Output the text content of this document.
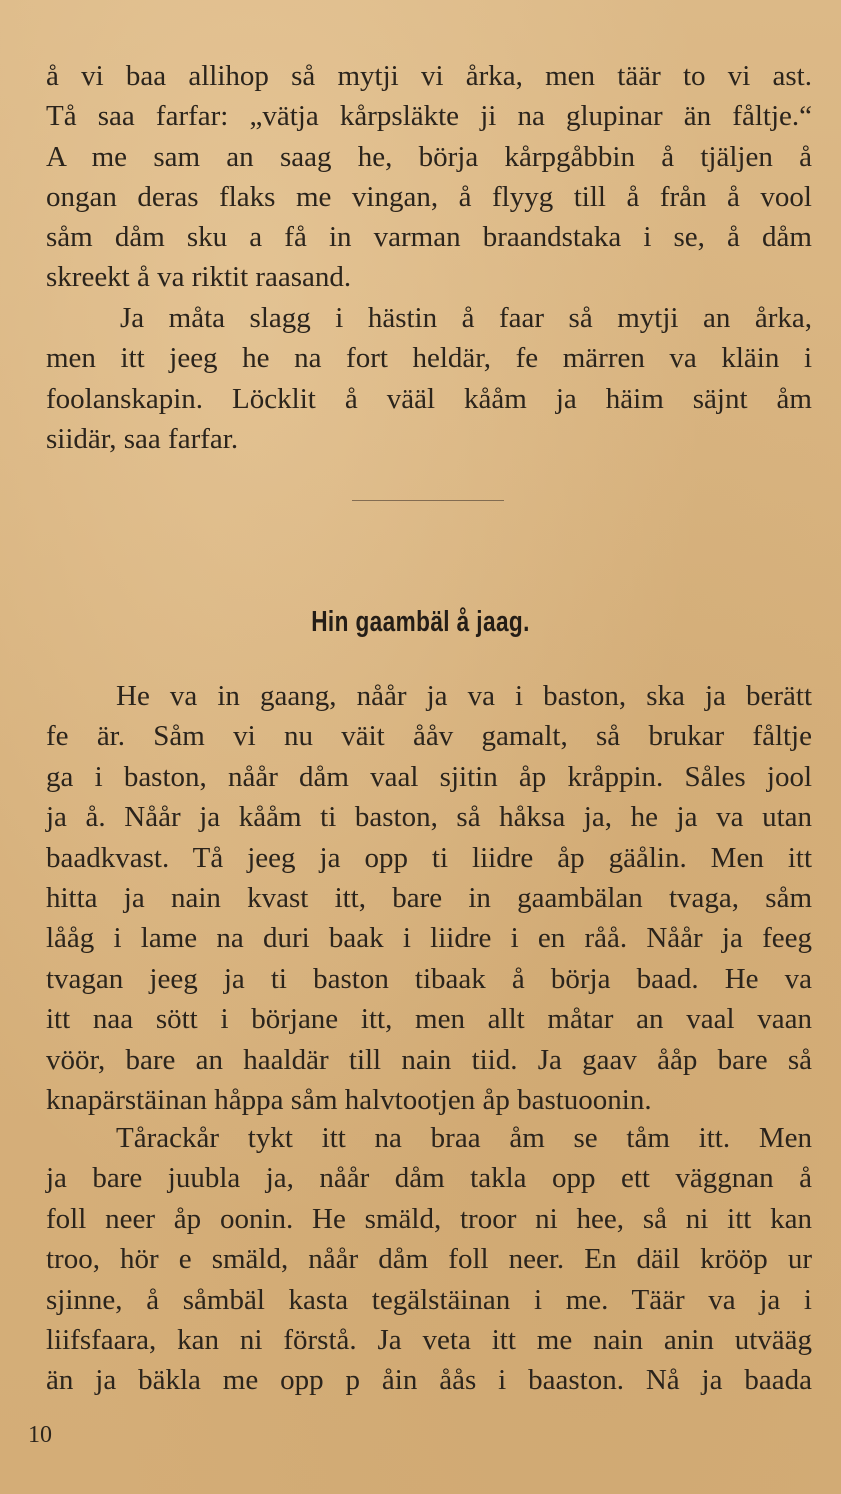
å vi baa allihop så mytji vi årka, men täär to vi ast.
Tå saa farfar: „vätja kårpsläkte ji na glupinar än fåltje.“
A me sam an saag he, börja kårpgåbbin å tjäljen å
ongan deras flaks me vingan, å flyyg till å från å vool
såm dåm sku a få in varman braandstaka i se, å dåm
skreekt å va riktit raasand.
Ja måta slagg i hästin å faar så mytji an årka,
men itt jeeg he na fort heldär, fe märren va kläin i
foolanskapin. Löcklit å vääl kååm ja häim säjnt åm
siidär, saa farfar.
Hin gaambäl å jaag.
He va in gaang, nåår ja va i baston, ska ja berätt
fe är. Såm vi nu väit ååv gamalt, så brukar fåltje
ga i baston, nåår dåm vaal sjitin åp kråppin. Såles jool
ja å. Nåår ja kååm ti baston, så håksa ja, he ja va utan
baadkvast. Tå jeeg ja opp ti liidre åp gäålin. Men itt
hitta ja nain kvast itt, bare in gaambälan tvaga, såm
lååg i lame na duri baak i liidre i en råå. Nåår ja feeg
tvagan jeeg ja ti baston tibaak å börja baad. He va
itt naa sött i börjane itt, men allt måtar an vaal vaan
vöör, bare an haaldär till nain tiid. Ja gaav ååp bare så
knapärstäinan håppa såm halvtootjen åp bastuoonin.
Tårackår tykt itt na braa åm se tåm itt. Men
ja bare juubla ja, nåår dåm takla opp ett väggnan å
foll neer åp oonin. He smäld, troor ni hee, så ni itt kan
troo, hör e smäld, nåår dåm foll neer. En däil krööp ur
sjinne, å såmbäl kasta tegälstäinan i me. Täär va ja i
liifsfaara, kan ni förstå. Ja veta itt me nain anin utvääg
än ja bäkla me opp p åin åås i baaston. Nå ja baada

10
